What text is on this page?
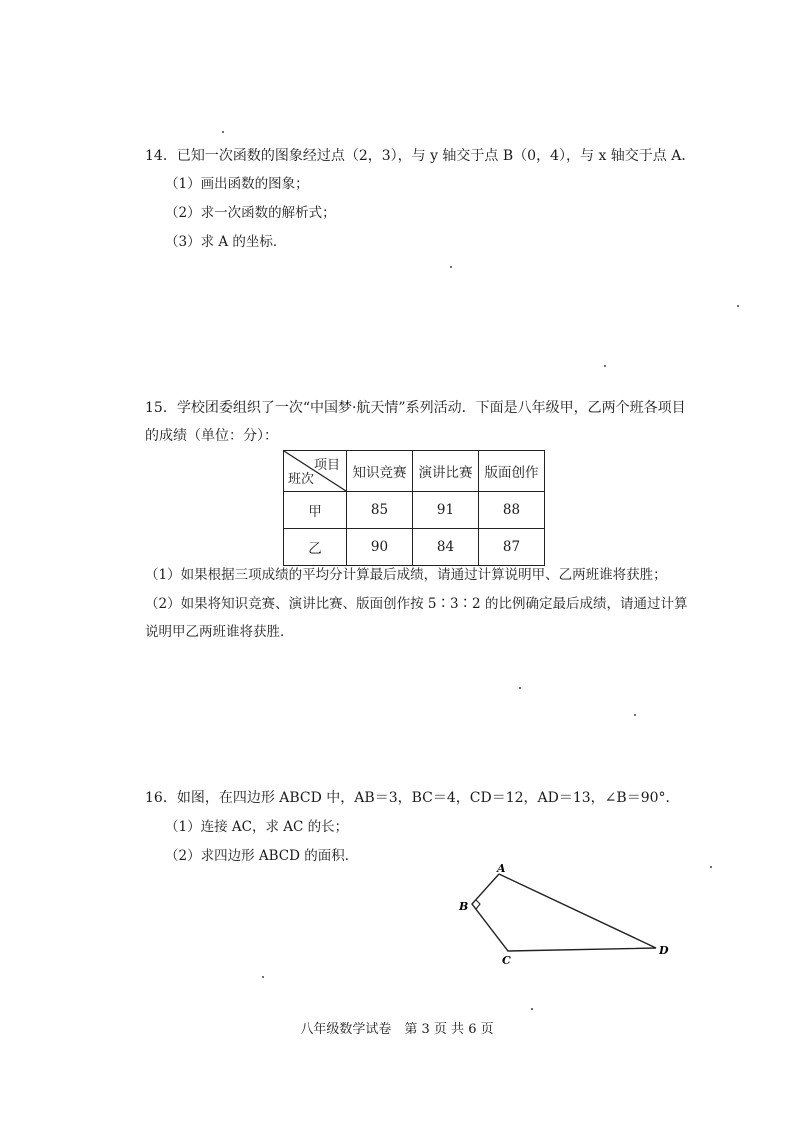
14．已知一次函数的图象经过点（2，3），与 y 轴交于点 B（0，4），与 x 轴交于点 A．
（1）画出函数的图象；
（2）求一次函数的解析式；
（3）求 A 的坐标．
15．学校团委组织了一次“中国梦·航天情”系列活动．下面是八年级甲，乙两个班各项目
的成绩（单位：分）：
项目
班次	知识竞赛	演讲比赛	版面创作
甲	85	91	88
乙	90	84	87
（1）如果根据三项成绩的平均分计算最后成绩，请通过计算说明甲、乙两班谁将获胜；
（2）如果将知识竞赛、演讲比赛、版面创作按 5∶3∶2 的比例确定最后成绩，请通过计算
说明甲乙两班谁将获胜．
16．如图，在四边形 ABCD 中，AB＝3，BC＝4，CD＝12，AD＝13，∠B＝90°．
（1）连接 AC，求 AC 的长；
（2）求四边形 ABCD 的面积．
A
B
C
D
八年级数学试卷　第 3 页 共 6 页
